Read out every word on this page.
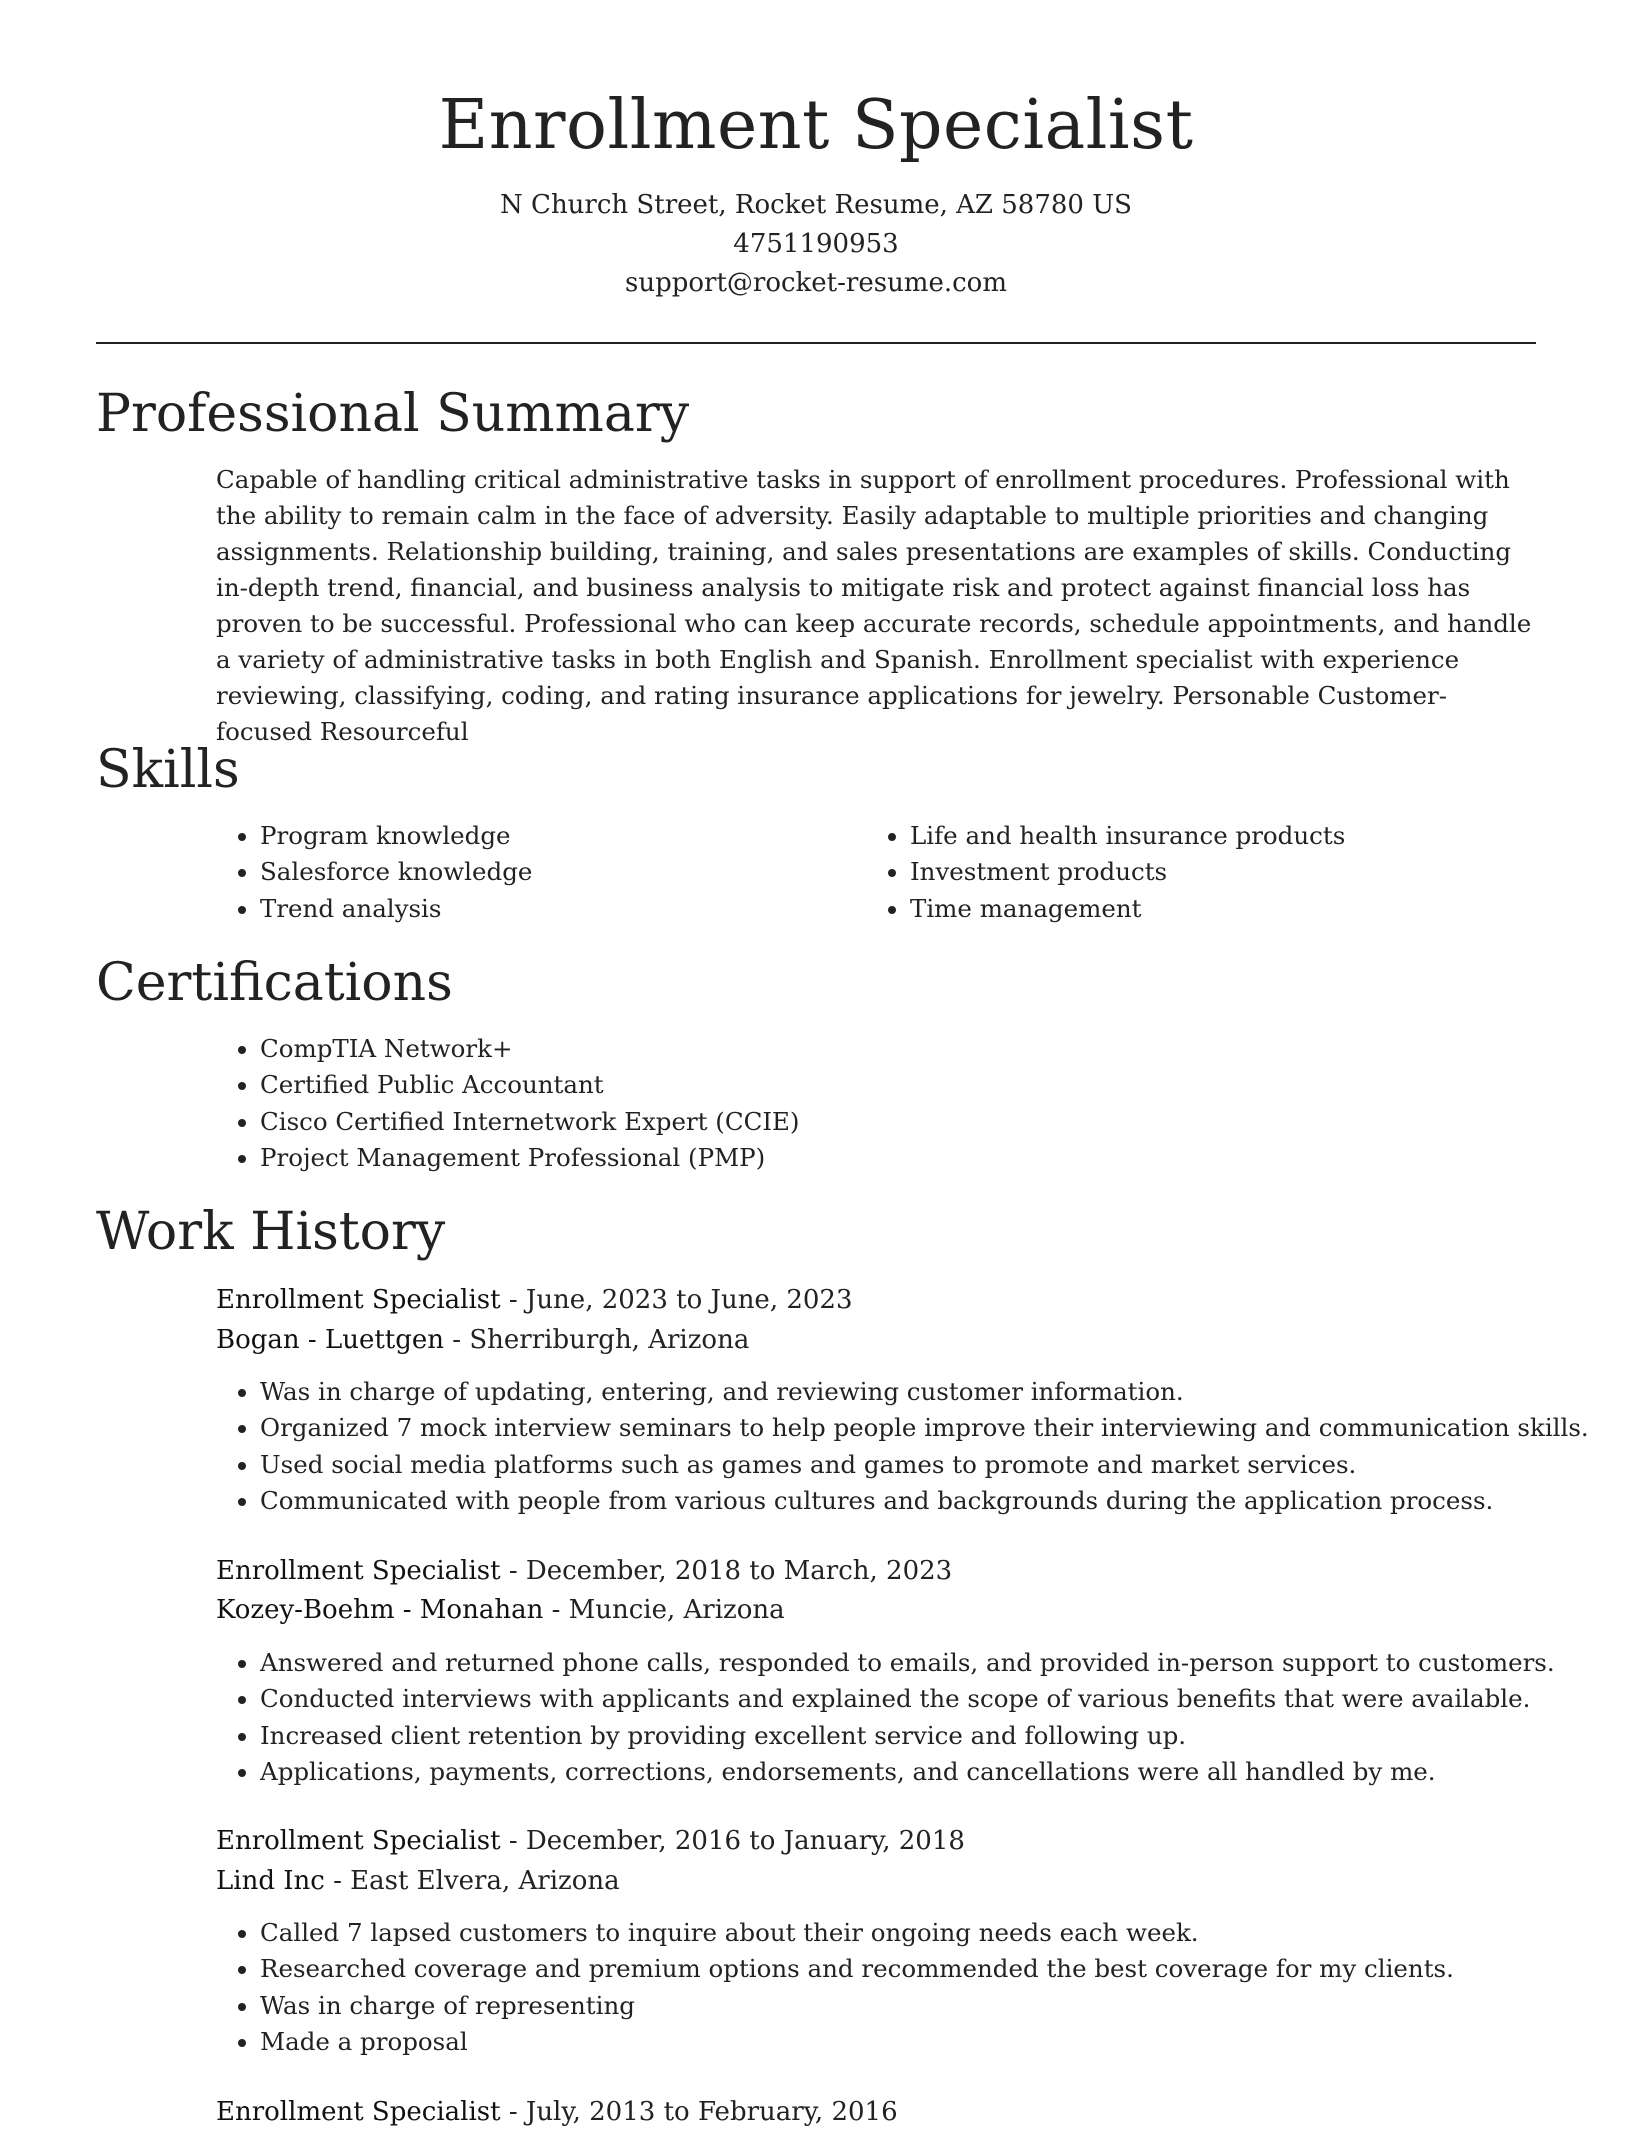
Enrollment Specialist
N Church Street, Rocket Resume, AZ 58780 US
4751190953
support@rocket-resume.com
Professional Summary

Capable of handling critical administrative tasks in support of enrollment procedures. Professional with the ability to remain calm in the face of adversity. Easily adaptable to multiple priorities and changing assignments. Relationship building, training, and sales presentations are examples of skills. Conducting in-depth trend, financial, and business analysis to mitigate risk and protect against financial loss has proven to be successful. Professional who can keep accurate records, schedule appointments, and handle a variety of administrative tasks in both English and Spanish. Enrollment specialist with experience reviewing, classifying, coding, and rating insurance applications for jewelry. Personable Customer-focused Resourceful

Skills
• Program knowledge
• Salesforce knowledge
• Trend analysis
• Life and health insurance products
• Investment products
• Time management
Certifications
• CompTIA Network+
• Certified Public Accountant
• Cisco Certified Internetwork Expert (CCIE)
• Project Management Professional (PMP)
Work History
Enrollment Specialist - June, 2023 to June, 2023
Bogan - Luettgen - Sherriburgh, Arizona
• Was in charge of updating, entering, and reviewing customer information.
• Organized 7 mock interview seminars to help people improve their interviewing and communication skills.
• Used social media platforms such as games and games to promote and market services.
• Communicated with people from various cultures and backgrounds during the application process.
Enrollment Specialist - December, 2018 to March, 2023
Kozey-Boehm - Monahan - Muncie, Arizona
• Answered and returned phone calls, responded to emails, and provided in-person support to customers.
• Conducted interviews with applicants and explained the scope of various benefits that were available.
• Increased client retention by providing excellent service and following up.
• Applications, payments, corrections, endorsements, and cancellations were all handled by me.
Enrollment Specialist - December, 2016 to January, 2018
Lind Inc - East Elvera, Arizona
• Called 7 lapsed customers to inquire about their ongoing needs each week.
• Researched coverage and premium options and recommended the best coverage for my clients.
• Was in charge of representing
• Made a proposal
Enrollment Specialist - July, 2013 to February, 2016
